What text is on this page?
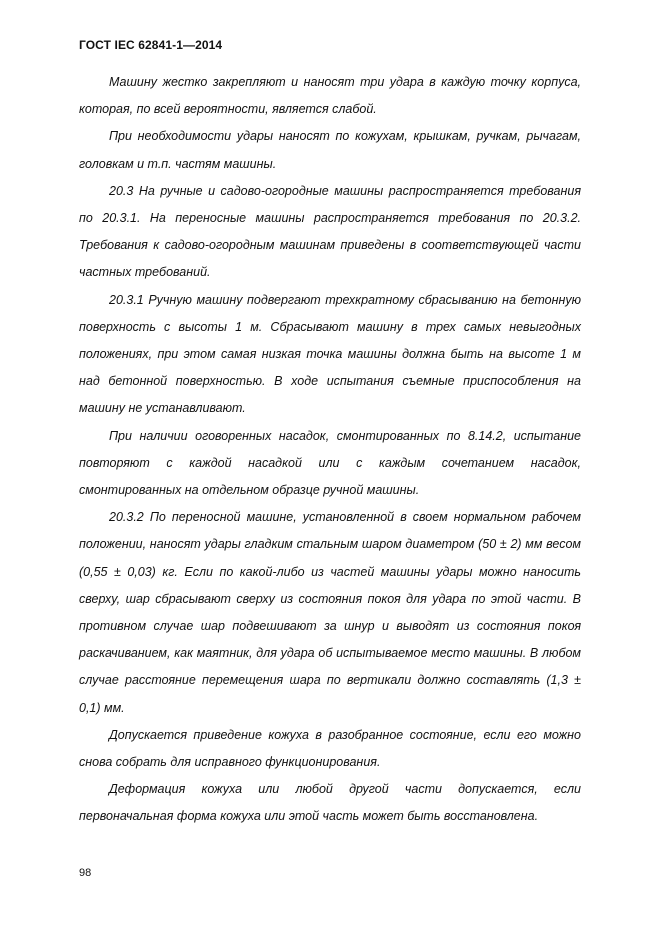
ГОСТ IEC 62841-1—2014

Машину жестко закрепляют и наносят три удара в каждую точку корпуса, которая, по всей вероятности, является слабой.

При необходимости удары наносят по кожухам, крышкам, ручкам, рычагам, головкам и т.п. частям машины.

20.3 На ручные и садово-огородные машины распространяется требования по 20.3.1. На переносные машины распространяется требования по 20.3.2. Требования к садово-огородным машинам приведены в соответствующей части частных требований.

20.3.1 Ручную машину подвергают трехкратному сбрасыванию на бетонную поверхность с высоты 1 м. Сбрасывают машину в трех самых невыгодных положениях, при этом самая низкая точка машины должна быть на высоте 1 м над бетонной поверхностью. В ходе испытания съемные приспособления на машину не устанавливают.

При наличии оговоренных насадок, смонтированных по 8.14.2, испытание повторяют с каждой насадкой или с каждым сочетанием насадок, смонтированных на отдельном образце ручной машины.

20.3.2 По переносной машине, установленной в своем нормальном рабочем положении, наносят удары гладким стальным шаром диаметром (50 ± 2) мм весом (0,55 ± 0,03) кг. Если по какой-либо из частей машины удары можно наносить сверху, шар сбрасывают сверху из состояния покоя для удара по этой части. В противном случае шар подвешивают за шнур и выводят из состояния покоя раскачиванием, как маятник, для удара об испытываемое место машины. В любом случае расстояние перемещения шара по вертикали должно составлять (1,3 ± 0,1) мм.

Допускается приведение кожуха в разобранное состояние, если его можно снова собрать для исправного функционирования.

Деформация кожуха или любой другой части допускается, если первоначальная форма кожуха или этой часть может быть восстановлена.

98
